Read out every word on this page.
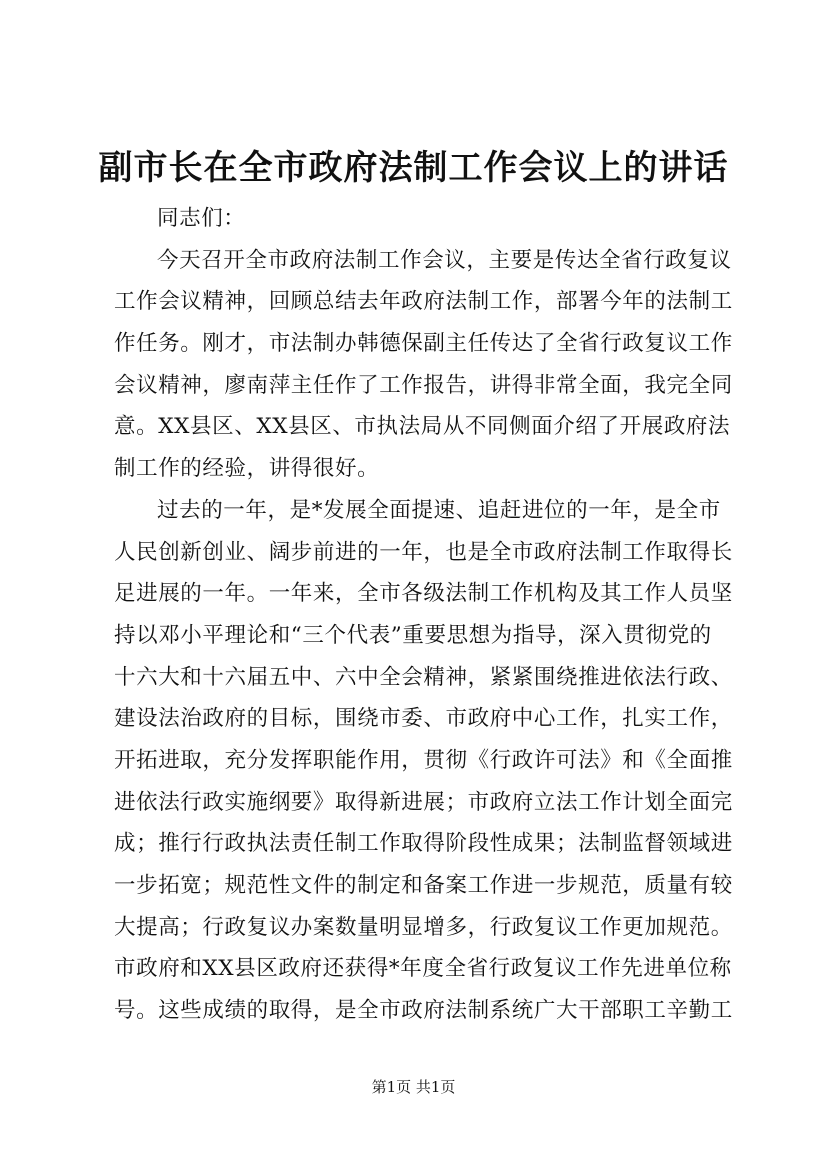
副市长在全市政府法制工作会议上的讲话
同志们：
今天召开全市政府法制工作会议，主要是传达全省行政复议
工作会议精神，回顾总结去年政府法制工作，部署今年的法制工
作任务。刚才，市法制办韩德保副主任传达了全省行政复议工作
会议精神，廖南萍主任作了工作报告，讲得非常全面，我完全同
意。XX县区、XX县区、市执法局从不同侧面介绍了开展政府法
制工作的经验，讲得很好。
过去的一年，是*发展全面提速、追赶进位的一年，是全市
人民创新创业、阔步前进的一年，也是全市政府法制工作取得长
足进展的一年。一年来，全市各级法制工作机构及其工作人员坚
持以邓小平理论和“三个代表”重要思想为指导，深入贯彻党的
十六大和十六届五中、六中全会精神，紧紧围绕推进依法行政、
建设法治政府的目标，围绕市委、市政府中心工作，扎实工作，
开拓进取，充分发挥职能作用，贯彻《行政许可法》和《全面推
进依法行政实施纲要》取得新进展；市政府立法工作计划全面完
成；推行行政执法责任制工作取得阶段性成果；法制监督领域进
一步拓宽；规范性文件的制定和备案工作进一步规范，质量有较
大提高；行政复议办案数量明显增多，行政复议工作更加规范。
市政府和XX县区政府还获得*年度全省行政复议工作先进单位称
号。这些成绩的取得，是全市政府法制系统广大干部职工辛勤工
第1页 共1页
